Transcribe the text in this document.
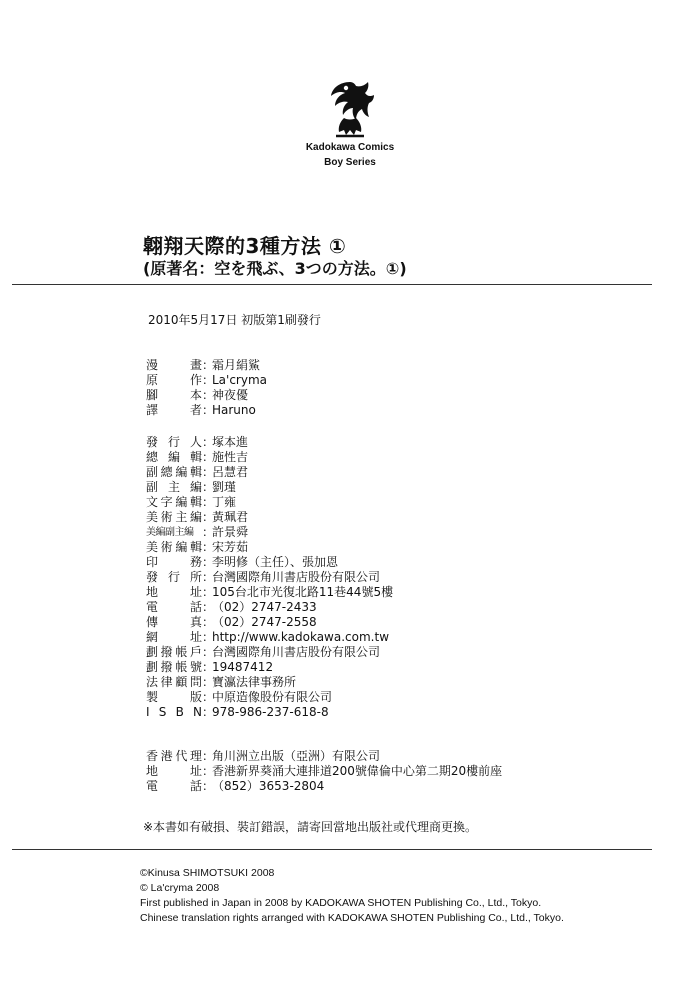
Kadokawa Comics
Boy Series
翺翔天際的3種方法 ①
(原著名：空を飛ぶ、3つの方法。①)
2010年5月17日 初版第1刷發行
漫	畫 ：
霜月絹鯊
原	作 ：
La'cryma
腳	本 ：
神夜優
譯	者 ：
Haruno
發 行 人 ：
塚本進
總 編 輯 ：
施性吉
副 總 編 輯 ：
呂慧君
副 主 編 ：
劉瑾
文 字 編 輯 ：
丁雍
美 術 主 編 ：
黃珮君
美編副主編 ：
許景舜
美 術 編 輯 ：
宋芳茹
印	務 ：
李明修（主任）、張加恩
發 行 所 ：
台灣國際角川書店股份有限公司
地	址 ：
105台北市光復北路11巷44號5樓
電	話 ：
（02）2747-2433
傳	真 ：
（02）2747-2558
網	址 ：
http://www.kadokawa.com.tw
劃 撥 帳 戶 ：
台灣國際角川書店股份有限公司
劃 撥 帳 號 ：
19487412
法 律 顧 問 ：
寶瀛法律事務所
製	版 ：
中原造像股份有限公司
I S B N ：
978-986-237-618-8
香 港 代 理 ：
角川洲立出版（亞洲）有限公司
地	址 ：
香港新界葵涌大連排道200號偉倫中心第二期20樓前座
電	話 ：
（852）3653-2804
※本書如有破損、裝訂錯誤，請寄回當地出版社或代理商更換。
©Kinusa SHIMOTSUKI 2008
© La'cryma 2008
First published in Japan in 2008 by KADOKAWA SHOTEN Publishing Co., Ltd., Tokyo.
Chinese translation rights arranged with KADOKAWA SHOTEN Publishing Co., Ltd., Tokyo.
